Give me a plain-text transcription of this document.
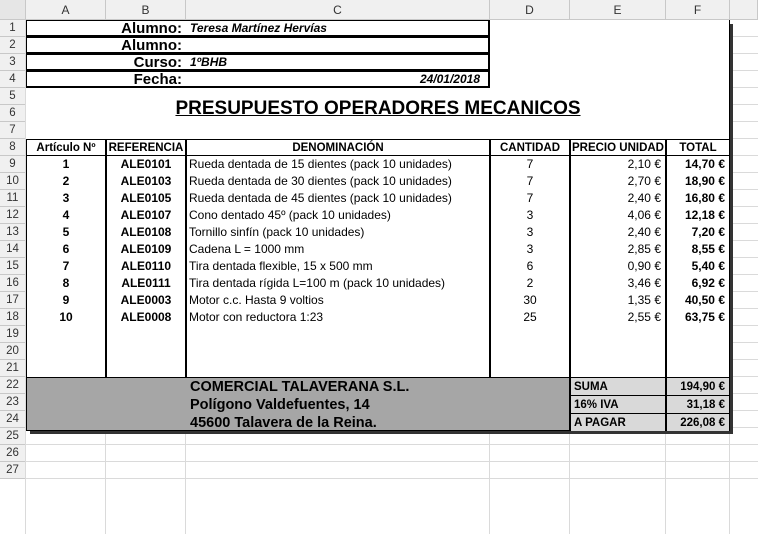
A	B	C	D	E	F
1
2
3
4
5
6
7
8
9
10
11
12
13
14
15
16
17
18
19
20
21
22
23
24
25
26
27
Alumno: Teresa Martínez Hervías
Alumno:
Curso: 1ºBHB
Fecha:	24/01/2018
PRESUPUESTO OPERADORES MECANICOS
Artículo Nº	REFERENCIA	DENOMINACIÓN	CANTIDAD	PRECIO UNIDAD	TOTAL
1	ALE0101	Rueda dentada de 15 dientes (pack 10 unidades)	7	2,10 €	14,70 €
2	ALE0103	Rueda dentada de 30 dientes (pack 10 unidades)	7	2,70 €	18,90 €
3	ALE0105	Rueda dentada de 45 dientes (pack 10 unidades)	7	2,40 €	16,80 €
4	ALE0107	Cono dentado 45º (pack 10 unidades)	3	4,06 €	12,18 €
5	ALE0108	Tornillo sinfín (pack 10 unidades)	3	2,40 €	7,20 €
6	ALE0109	Cadena L = 1000 mm	3	2,85 €	8,55 €
7	ALE0110	Tira dentada flexible, 15 x 500 mm	6	0,90 €	5,40 €
8	ALE0111	Tira dentada rígida L=100 m (pack 10 unidades)	2	3,46 €	6,92 €
9	ALE0003	Motor c.c. Hasta 9 voltios	30	1,35 €	40,50 €
10	ALE0008	Motor con reductora 1:23	25	2,55 €	63,75 €
COMERCIAL TALAVERANA S.L.
Polígono Valdefuentes, 14
45600 Talavera de la Reina.
SUMA	194,90 €
16% IVA	31,18 €
A PAGAR	226,08 €
